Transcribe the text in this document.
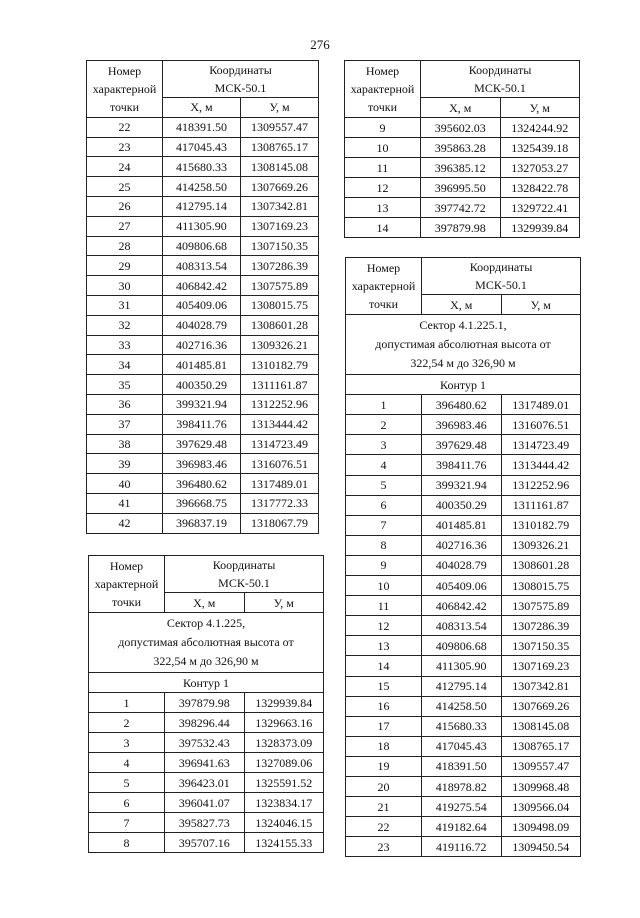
276
Номер
характерной
точки	Координаты
МСК-50.1	

	Х, м	У, м
22	418391.50	1309557.47
23	417045.43	1308765.17
24	415680.33	1308145.08
25	414258.50	1307669.26
26	412795.14	1307342.81
27	411305.90	1307169.23
28	409806.68	1307150.35
29	408313.54	1307286.39
30	406842.42	1307575.89
31	405409.06	1308015.75
32	404028.79	1308601.28
33	402716.36	1309326.21
34	401485.81	1310182.79
35	400350.29	1311161.87
36	399321.94	1312252.96
37	398411.76	1313444.42
38	397629.48	1314723.49
39	396983.46	1316076.51
40	396480.62	1317489.01
41	396668.75	1317772.33
42	396837.19	1318067.79
Номер
характерной
точки	Координаты
МСК-50.1	

	Х, м	У, м
9	395602.03	1324244.92
10	395863.28	1325439.18
11	396385.12	1327053.27
12	396995.50	1328422.78
13	397742.72	1329722.41
14	397879.98	1329939.84
Номер
характерной
точки	Координаты
МСК-50.1	

	Х, м	У, м
Сектор 4.1.225,
допустимая абсолютная высота от
322,54 м до 326,90 м		
Контур 1		
1	397879.98	1329939.84
2	398296.44	1329663.16
3	397532.43	1328373.09
4	396941.63	1327089.06
5	396423.01	1325591.52
6	396041.07	1323834.17
7	395827.73	1324046.15
8	395707.16	1324155.33
Номер
характерной
точки	Координаты
МСК-50.1	

	Х, м	У, м
Сектор 4.1.225.1,
допустимая абсолютная высота от
322,54 м до 326,90 м		
Контур 1		
1	396480.62	1317489.01
2	396983.46	1316076.51
3	397629.48	1314723.49
4	398411.76	1313444.42
5	399321.94	1312252.96
6	400350.29	1311161.87
7	401485.81	1310182.79
8	402716.36	1309326.21
9	404028.79	1308601.28
10	405409.06	1308015.75
11	406842.42	1307575.89
12	408313.54	1307286.39
13	409806.68	1307150.35
14	411305.90	1307169.23
15	412795.14	1307342.81
16	414258.50	1307669.26
17	415680.33	1308145.08
18	417045.43	1308765.17
19	418391.50	1309557.47
20	418978.82	1309968.48
21	419275.54	1309566.04
22	419182.64	1309498.09
23	419116.72	1309450.54
